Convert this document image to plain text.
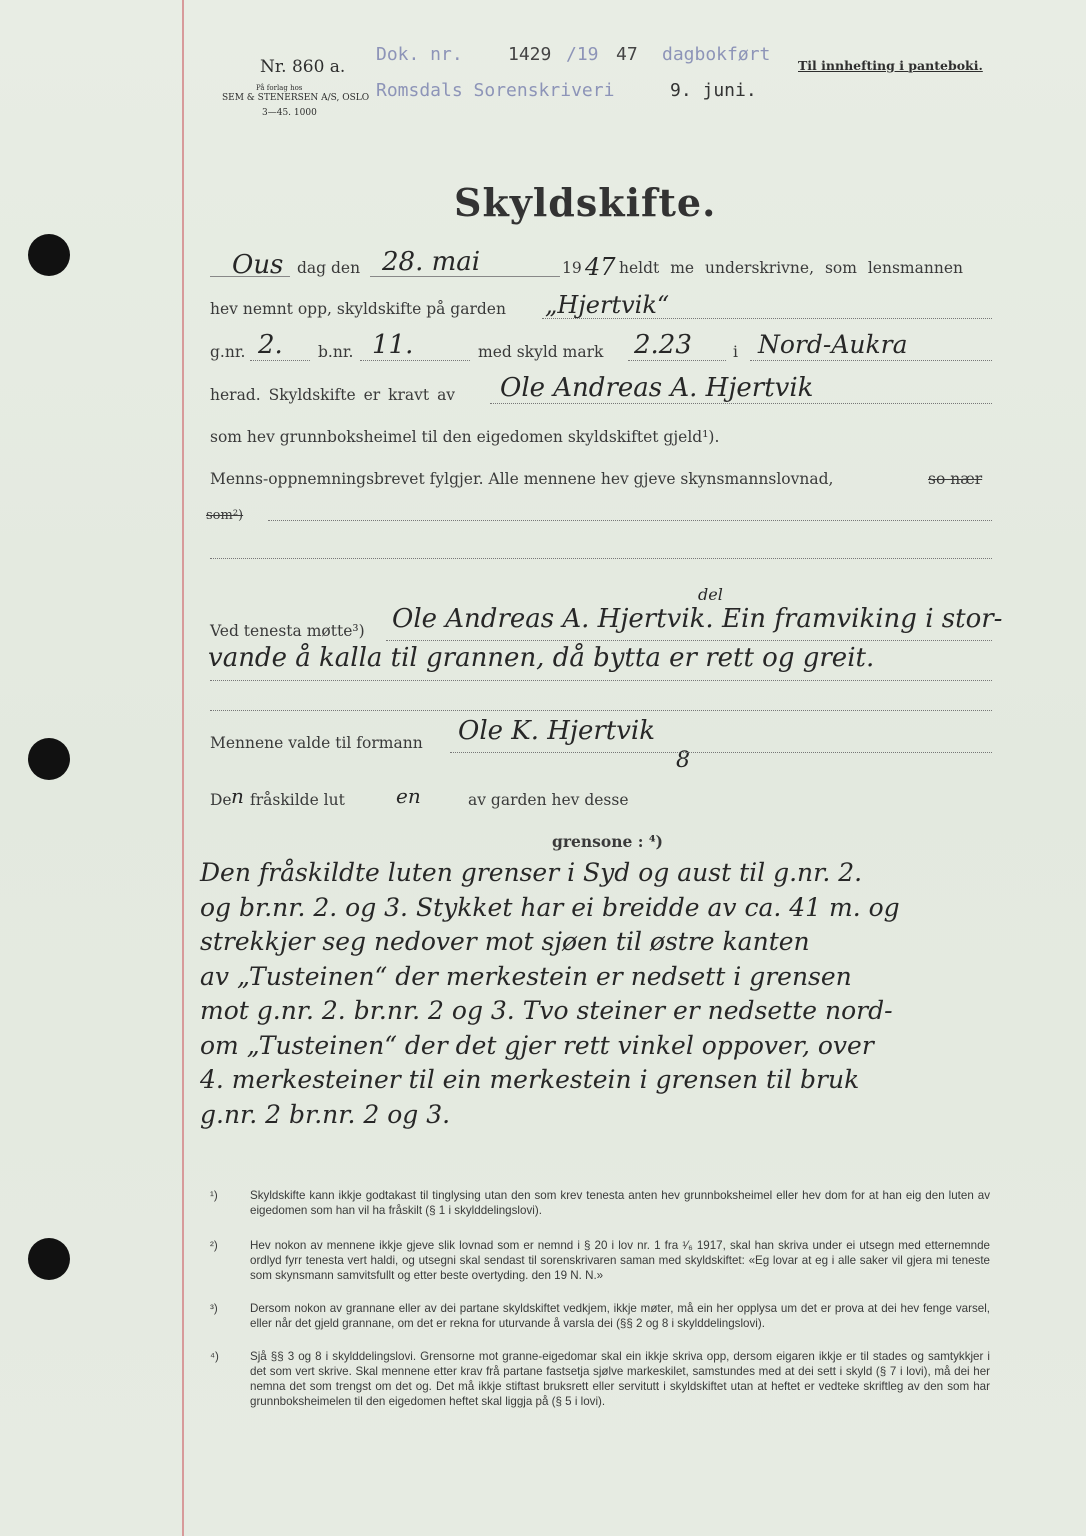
Nr. 860 a.
På forlag hos
SEM & STENERSEN A/S, OSLO
3—45. 1000
Dok. nr.	1429 /19 47 dagbokført
Romsdals Sorenskriveri	9. juni.
Til innhefting i panteboki.
Skyldskifte.
Ous dag den 28. mai	19 47 heldt me underskrivne, som lensmannen
hev nemnt opp, skyldskifte på garden „Hjertvik“
g.nr. 2. b.nr. 11.	med skyld mark 2.23	i Nord-Aukra
herad. Skyldskifte er kravt av Ole Andreas A. Hjertvik
som hev grunnboksheimel til den eigedomen skyldskiftet gjeld¹).
Menns-oppnemningsbrevet fylgjer. Alle mennene hev gjeve skynsmannslovnad,	so nær
som²)
Ved tenesta møtte³)
del
Ole Andreas A. Hjertvik. Ein framviking i stor-
vande å kalla til grannen, då bytta er rett og greit.
Mennene valde til formann Ole K. Hjertvik
8
De n fråskilde lut	en	av garden hev desse
grensone : ⁴)
Den fråskildte luten grenser i Syd og aust til g.nr. 2.
og br.nr. 2. og 3. Stykket har ei breidde av ca. 41 m. og
strekkjer seg nedover mot sjøen til østre kanten
av „Tusteinen“ der merkestein er nedsett i grensen
mot g.nr. 2. br.nr. 2 og 3. Tvo steiner er nedsette nord-
om „Tusteinen“ der det gjer rett vinkel oppover, over
4. merkesteiner til ein merkestein i grensen til bruk
g.nr. 2 br.nr. 2 og 3.
¹)	Skyldskifte kann ikkje godtakast til tinglysing utan den som krev tenesta anten hev grunnboksheimel eller hev dom for at han eig den luten av eigedomen som han vil ha fråskilt (§ 1 i skylddelingslovi).
²)	Hev nokon av mennene ikkje gjeve slik lovnad som er nemnd i § 20 i lov nr. 1 fra ¹⁄₆ 1917, skal han skriva under ei utsegn med etternemnde ordlyd fyrr tenesta vert haldi, og utsegni skal sendast til sorenskrivaren saman med skyldskiftet: «Eg lovar at eg i alle saker vil gjera mi teneste som skynsmann samvitsfullt og etter beste overtyding. den 19 N. N.»
³)	Dersom nokon av grannane eller av dei partane skyldskiftet vedkjem, ikkje møter, må ein her opplysa um det er prova at dei hev fenge varsel, eller når det gjeld grannane, om det er rekna for uturvande å varsla dei (§§ 2 og 8 i skylddelingslovi).
⁴)	Sjå §§ 3 og 8 i skylddelingslovi. Grensorne mot granne-eigedomar skal ein ikkje skriva opp, dersom eigaren ikkje er til stades og samtykkjer i det som vert skrive. Skal mennene etter krav frå partane fastsetja sjølve markeskilet, samstundes med at dei sett i skyld (§ 7 i lovi), må dei her nemna det som trengst om det og. Det må ikkje stiftast bruksrett eller servitutt i skyldskiftet utan at heftet er vedteke skriftleg av den som har grunnboksheimelen til den eigedomen heftet skal liggja på (§ 5 i lovi).
